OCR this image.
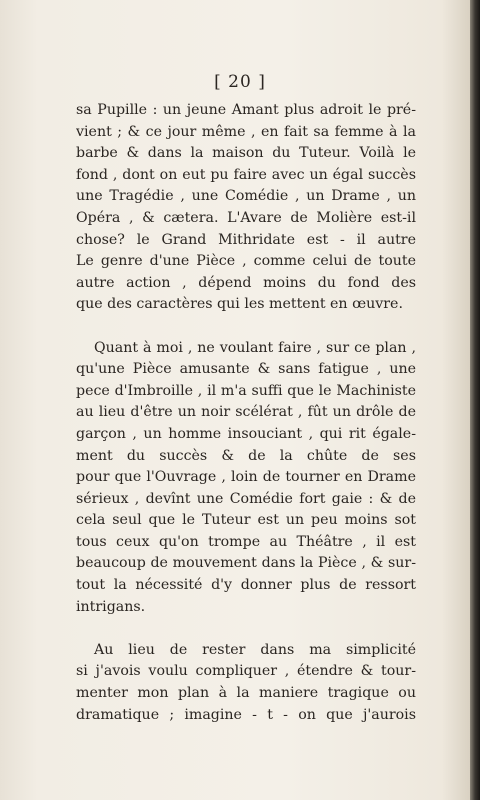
[ 20 ]
sa Pupille : un jeune Amant plus adroit le pré-
vient ; & ce jour même , en fait sa femme à la
barbe & dans la maison du Tuteur. Voilà le
fond , dont on eut pu faire avec un égal succès
une Tragédie , une Comédie , un Drame , un
Opéra , & cætera. L'Avare de Molière est-il
chose? le Grand Mithridate est - il autre
Le genre d'une Pièce , comme celui de toute
autre action , dépend moins du fond des
que des caractères qui les mettent en œuvre.
Quant à moi , ne voulant faire , sur ce plan ,
qu'une Pièce amusante & sans fatigue , une
pece d'Imbroille , il m'a suffi que le Machiniste
au lieu d'être un noir scélérat , fût un drôle de
garçon , un homme insouciant , qui rit égale-
ment du succès & de la chûte de ses
pour que l'Ouvrage , loin de tourner en Drame
sérieux , devînt une Comédie fort gaie : & de
cela seul que le Tuteur est un peu moins sot
tous ceux qu'on trompe au Théâtre , il est
beaucoup de mouvement dans la Pièce , & sur-
tout la nécessité d'y donner plus de ressort
intrigans.
Au lieu de rester dans ma simplicité
si j'avois voulu compliquer , étendre & tour-
menter mon plan à la maniere tragique ou
dramatique ; imagine - t - on que j'aurois
